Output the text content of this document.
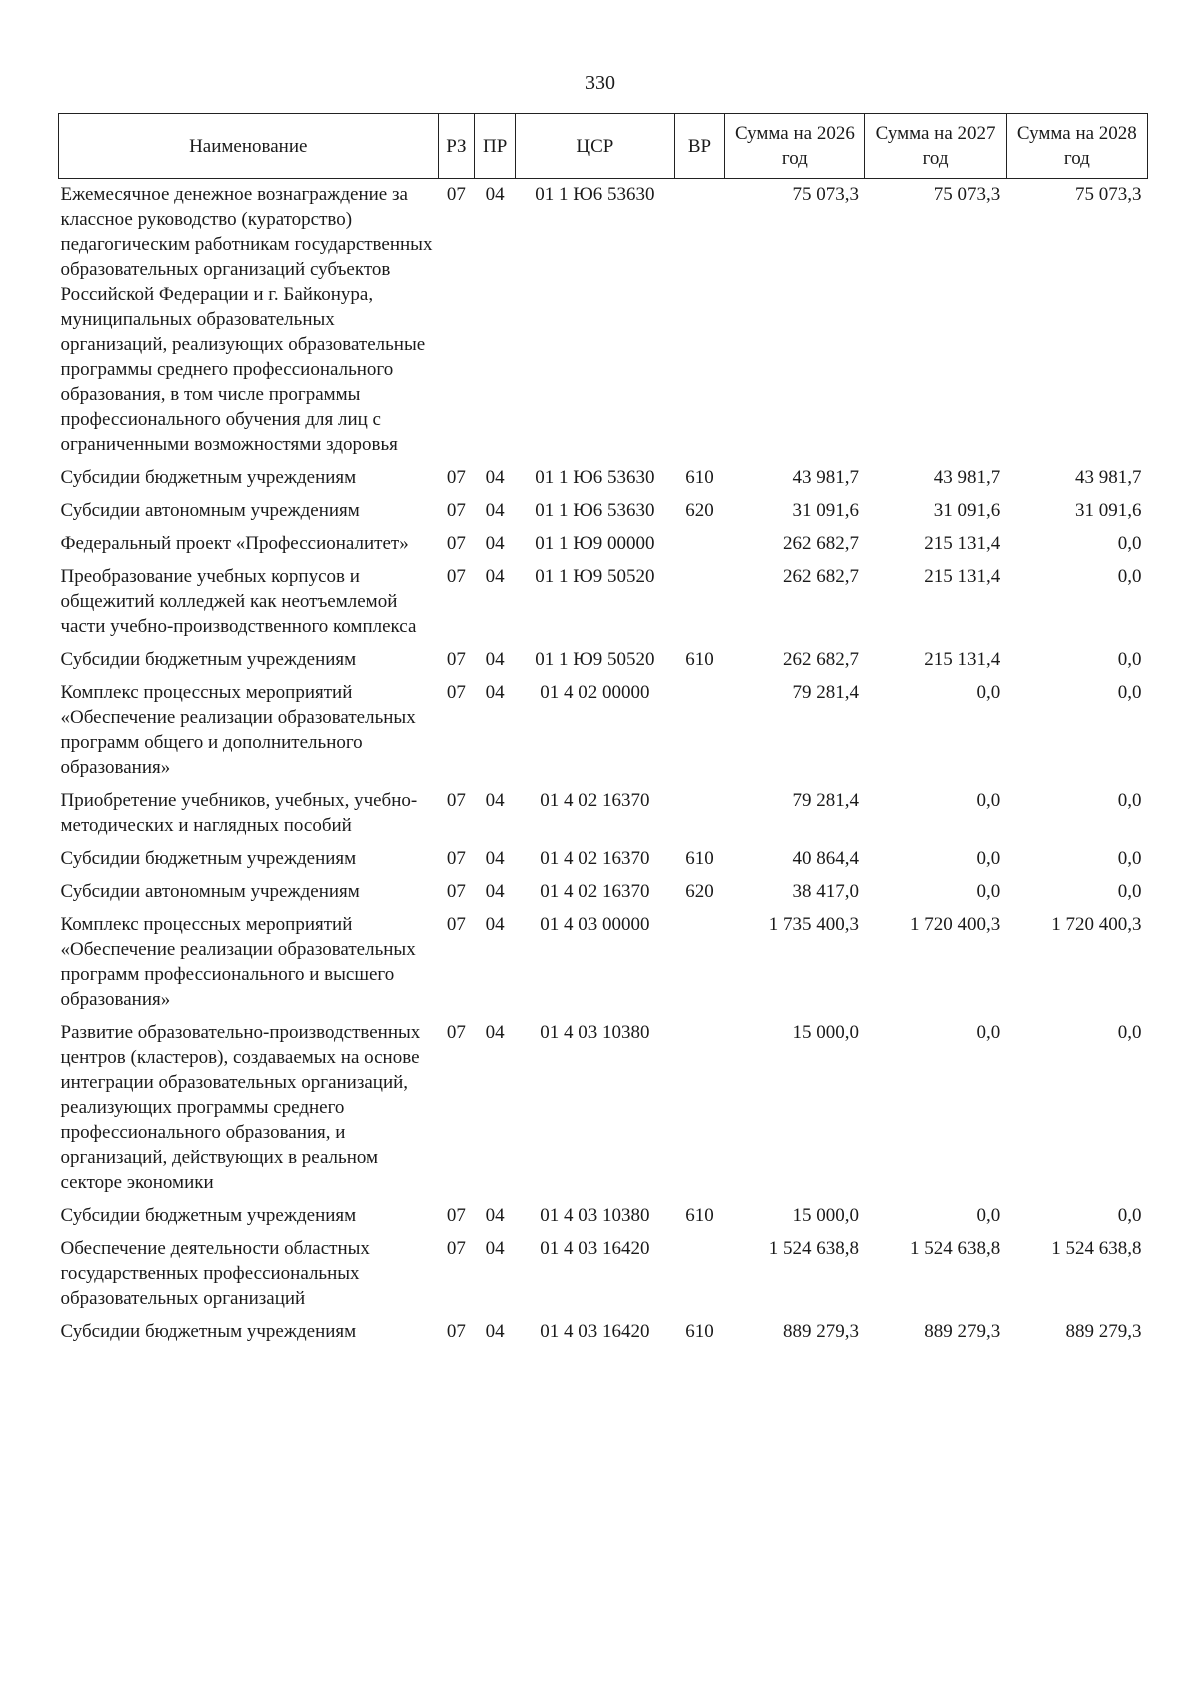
330
Наименование	РЗ	ПР	ЦСР	ВР	Сумма на 2026 год	Сумма на 2027 год	Сумма на 2028 год
Ежемесячное денежное вознаграждение за классное руководство (кураторство) педагогическим работникам государственных образовательных организаций субъектов Российской Федерации и г. Байконура, муниципальных образовательных организаций, реализующих образовательные программы среднего профессионального образования, в том числе программы профессионального обучения для лиц с ограниченными возможностями здоровья	07	04	01 1 Ю6 53630		75 073,3	75 073,3	75 073,3
Субсидии бюджетным учреждениям	07	04	01 1 Ю6 53630	610	43 981,7	43 981,7	43 981,7
Субсидии автономным учреждениям	07	04	01 1 Ю6 53630	620	31 091,6	31 091,6	31 091,6
Федеральный проект «Профессионалитет»	07	04	01 1 Ю9 00000		262 682,7	215 131,4	0,0
Преобразование учебных корпусов и общежитий колледжей как неотъемлемой части учебно-производственного комплекса	07	04	01 1 Ю9 50520		262 682,7	215 131,4	0,0
Субсидии бюджетным учреждениям	07	04	01 1 Ю9 50520	610	262 682,7	215 131,4	0,0
Комплекс процессных мероприятий «Обеспечение реализации образовательных программ общего и дополнительного образования»	07	04	01 4 02 00000		79 281,4	0,0	0,0
Приобретение учебников, учебных, учебно-методических и наглядных пособий	07	04	01 4 02 16370		79 281,4	0,0	0,0
Субсидии бюджетным учреждениям	07	04	01 4 02 16370	610	40 864,4	0,0	0,0
Субсидии автономным учреждениям	07	04	01 4 02 16370	620	38 417,0	0,0	0,0
Комплекс процессных мероприятий «Обеспечение реализации образовательных программ профессионального и высшего образования»	07	04	01 4 03 00000		1 735 400,3	1 720 400,3	1 720 400,3
Развитие образовательно-производственных центров (кластеров), создаваемых на основе интеграции образовательных организаций, реализующих программы среднего профессионального образования, и организаций, действующих в реальном секторе экономики	07	04	01 4 03 10380		15 000,0	0,0	0,0
Субсидии бюджетным учреждениям	07	04	01 4 03 10380	610	15 000,0	0,0	0,0
Обеспечение деятельности областных государственных профессиональных образовательных организаций	07	04	01 4 03 16420		1 524 638,8	1 524 638,8	1 524 638,8
Субсидии бюджетным учреждениям	07	04	01 4 03 16420	610	889 279,3	889 279,3	889 279,3
